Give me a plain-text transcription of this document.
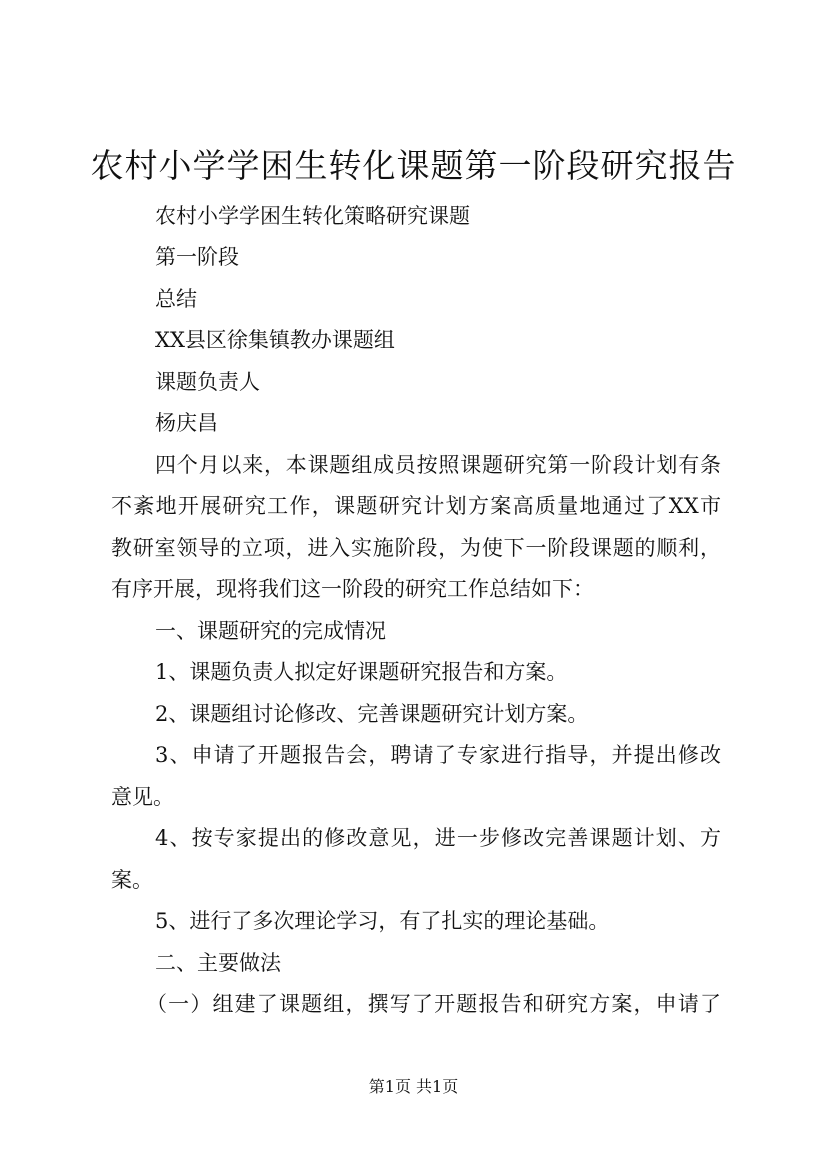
农村小学学困生转化课题第一阶段研究报告

农村小学学困生转化策略研究课题

第一阶段

总结

XX县区徐集镇教办课题组

课题负责人

杨庆昌

四个月以来，本课题组成员按照课题研究第一阶段计划有条

不紊地开展研究工作，课题研究计划方案高质量地通过了XX市

教研室领导的立项，进入实施阶段，为使下一阶段课题的顺利，

有序开展，现将我们这一阶段的研究工作总结如下：

一、课题研究的完成情况

1、课题负责人拟定好课题研究报告和方案。

2、课题组讨论修改、完善课题研究计划方案。

3、申请了开题报告会，聘请了专家进行指导，并提出修改

意见。

4、按专家提出的修改意见，进一步修改完善课题计划、方

案。

5、进行了多次理论学习，有了扎实的理论基础。

二、主要做法

（一）组建了课题组，撰写了开题报告和研究方案，申请了

第1页 共1页
